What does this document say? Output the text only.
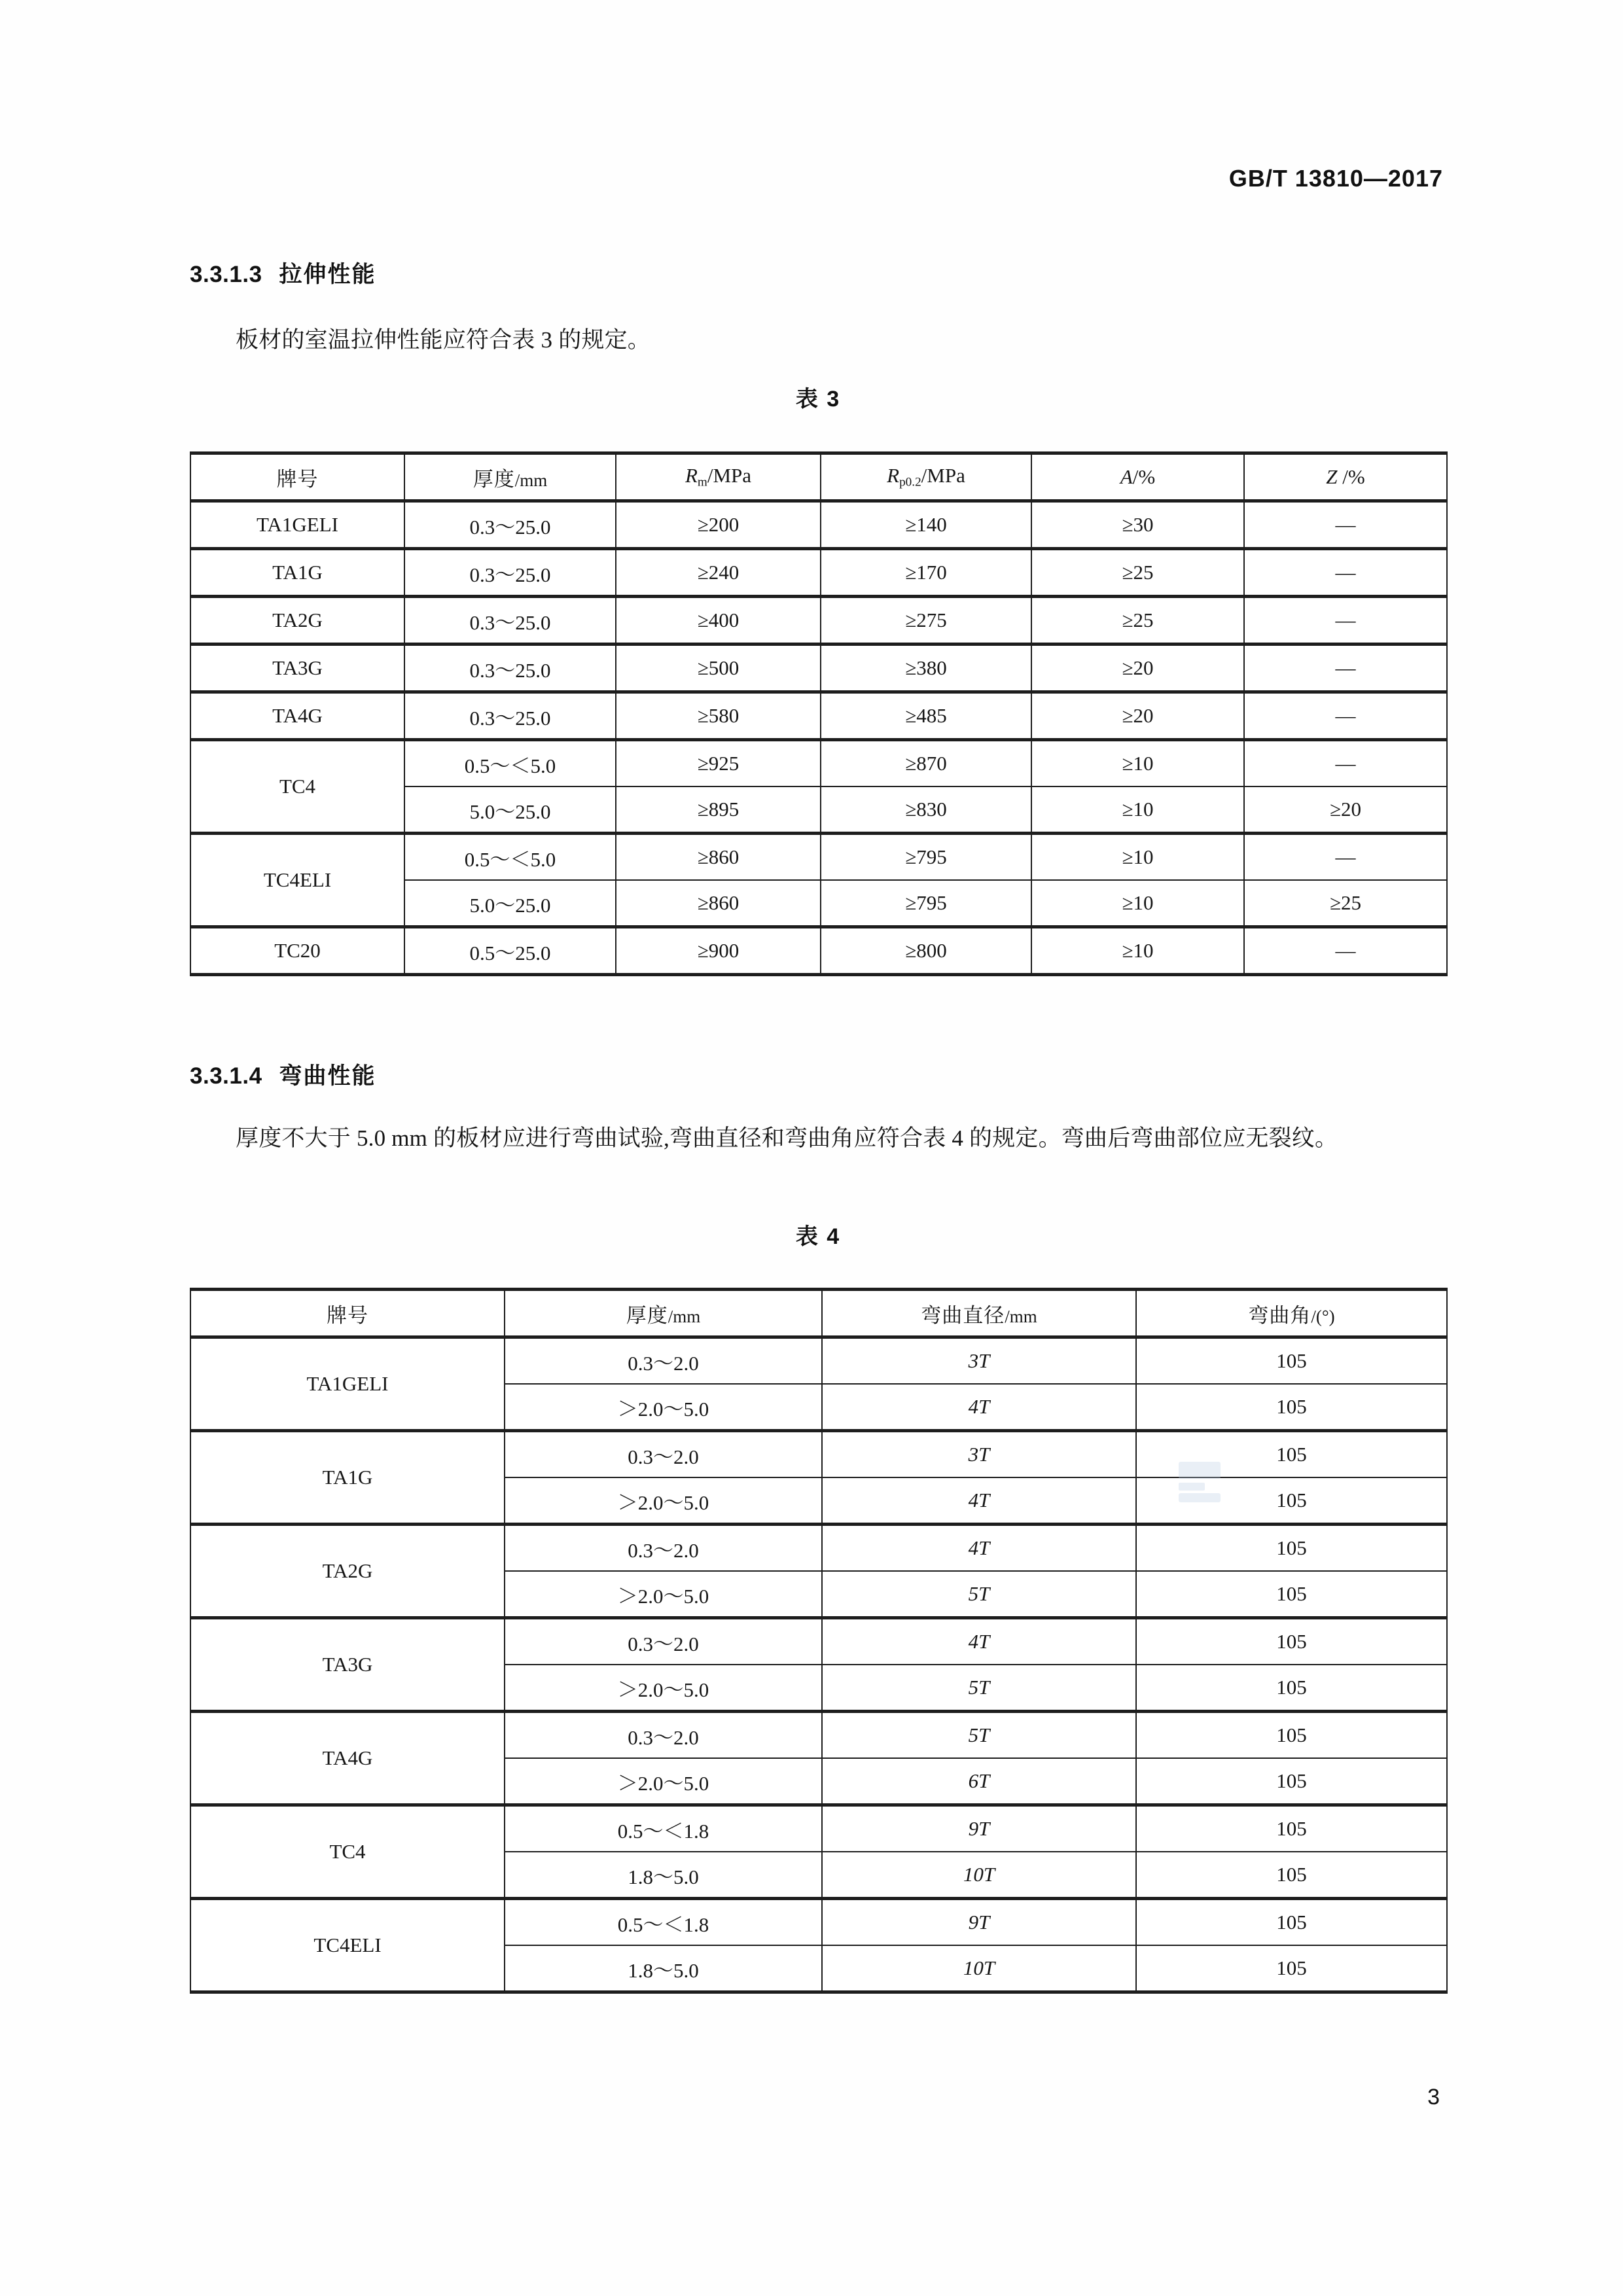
GB/T 13810—2017
3.3.1.3 拉伸性能
板材的室温拉伸性能应符合表 3 的规定。
表 3
牌号	厚度/mm	$R_m$/MPa	$R_{p0.2}$/MPa	A/%	Z /%
TA1GELI	0.3～25.0	≥200	≥140	≥30	—
TA1G	0.3～25.0	≥240	≥170	≥25	—
TA2G	0.3～25.0	≥400	≥275	≥25	—
TA3G	0.3～25.0	≥500	≥380	≥20	—
TA4G	0.3～25.0	≥580	≥485	≥20	—
TC4	0.5～＜5.0	≥925	≥870	≥10	—
	5.0～25.0	≥895	≥830	≥10	≥20
TC4ELI	0.5～＜5.0	≥860	≥795	≥10	—
	5.0～25.0	≥860	≥795	≥10	≥25
TC20	0.5～25.0	≥900	≥800	≥10	—
3.3.1.4 弯曲性能
厚度不大于 5.0 mm 的板材应进行弯曲试验,弯曲直径和弯曲角应符合表 4 的规定。弯曲后弯曲部位应无裂纹。
表 4
牌号	厚度/mm	弯曲直径/mm	弯曲角/(°)
TA1GELI	0.3～2.0	3T	105
	＞2.0～5.0	4T	105
TA1G	0.3～2.0	3T	105
	＞2.0～5.0	4T	105
TA2G	0.3～2.0	4T	105
	＞2.0～5.0	5T	105
TA3G	0.3～2.0	4T	105
	＞2.0～5.0	5T	105
TA4G	0.3～2.0	5T	105
	＞2.0～5.0	6T	105
TC4	0.5～＜1.8	9T	105
	1.8～5.0	10T	105
TC4ELI	0.5～＜1.8	9T	105
	1.8～5.0	10T	105
3
